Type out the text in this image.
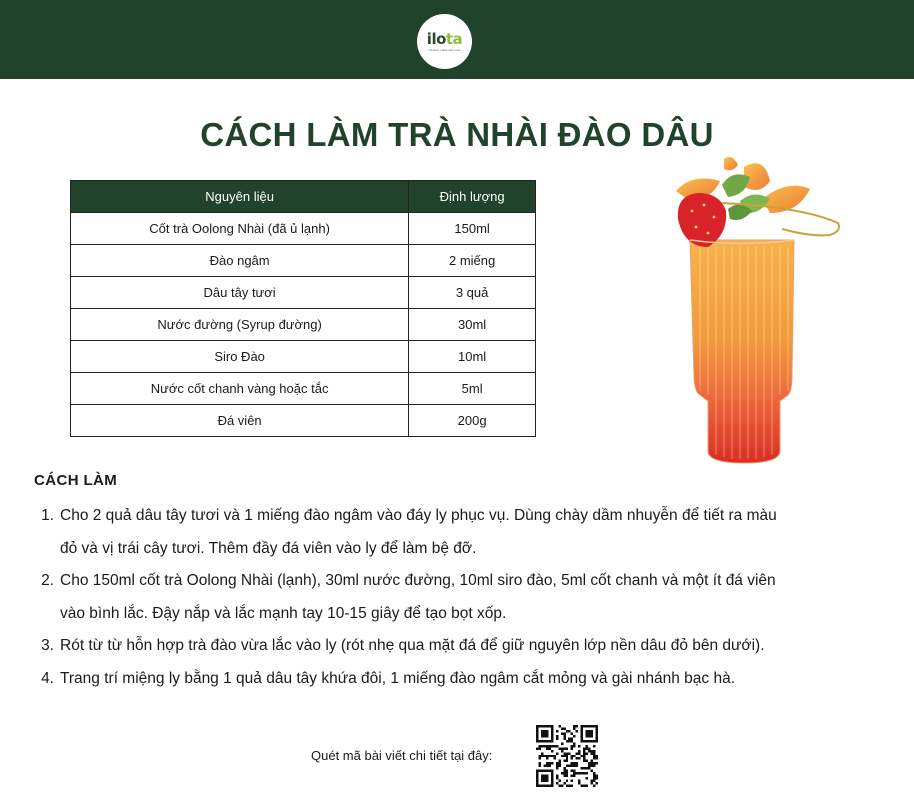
ilota
Passion made with care
CÁCH LÀM TRÀ NHÀI ĐÀO DÂU
Nguyên liệu	Định lượng
Cốt trà Oolong Nhài (đã ủ lạnh)	150ml
Đào ngâm	2 miếng
Dâu tây tươi	3 quả
Nước đường (Syrup đường)	30ml
Siro Đào	10ml
Nước cốt chanh vàng hoặc tắc	5ml
Đá viên	200g
CÁCH LÀM
1. Cho 2 quả dâu tây tươi và 1 miếng đào ngâm vào đáy ly phục vụ. Dùng chày dầm nhuyễn để tiết ra màu
đỏ và vị trái cây tươi. Thêm đầy đá viên vào ly để làm bệ đỡ.
2. Cho 150ml cốt trà Oolong Nhài (lạnh), 30ml nước đường, 10ml siro đào, 5ml cốt chanh và một ít đá viên
vào bình lắc. Đậy nắp và lắc mạnh tay 10-15 giây để tạo bọt xốp.
3. Rót từ từ hỗn hợp trà đào vừa lắc vào ly (rót nhẹ qua mặt đá để giữ nguyên lớp nền dâu đỏ bên dưới).
4. Trang trí miệng ly bằng 1 quả dâu tây khứa đôi, 1 miếng đào ngâm cắt mỏng và gài nhánh bạc hà.
Quét mã bài viết chi tiết tại đây:
